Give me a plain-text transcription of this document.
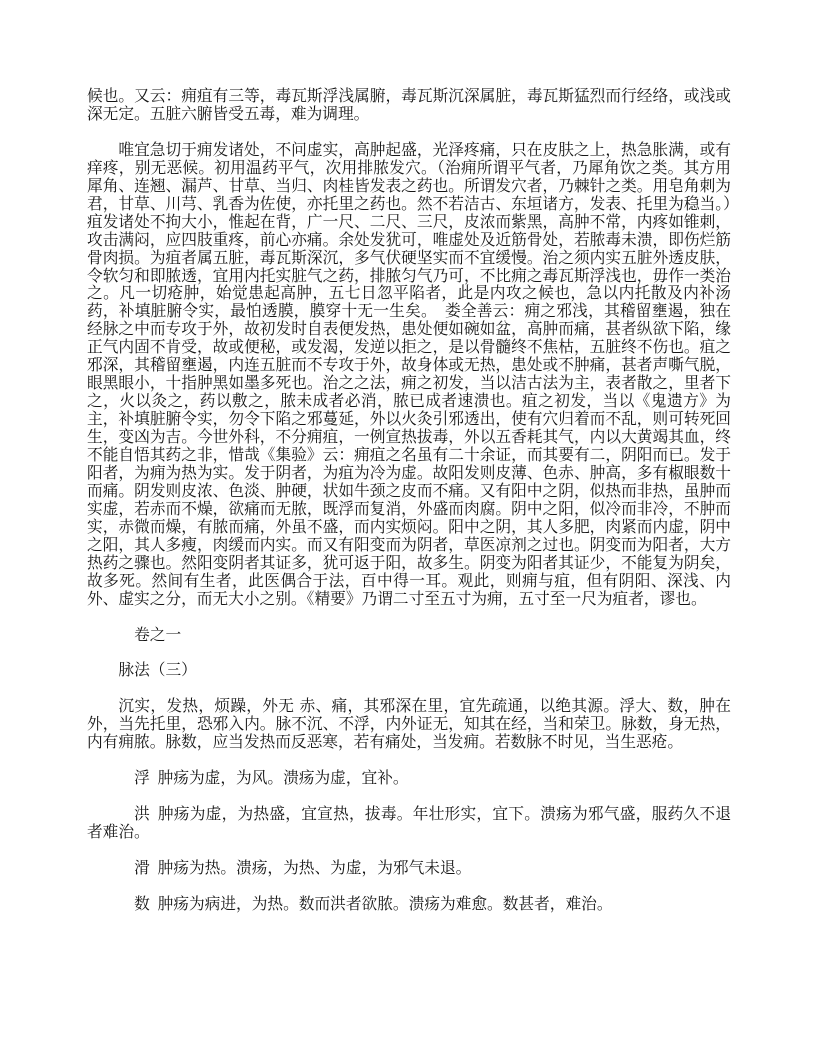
候也。又云：痈疽有三等，毒瓦斯浮浅属腑，毒瓦斯沉深属脏，毒瓦斯猛烈而行经络，或浅或深无定。五脏六腑皆受五毒，难为调理。

唯宜急切于痈发诸处，不问虚实，高肿起盛，光泽疼痛，只在皮肤之上，热急胀满，或有痒疼，别无恶候。初用温药平气，次用排脓发穴。（治痈所谓平气者，乃犀角饮之类。其方用犀角、连翘、漏芦、甘草、当归、肉桂皆发表之药也。所谓发穴者，乃棘针之类。用皂角刺为君，甘草、川芎、乳香为佐使，亦托里之药也。然不若洁古、东垣诸方，发表、托里为稳当。）疽发诸处不拘大小，惟起在背，广一尺、二尺、三尺，皮浓而紫黑，高肿不常，内疼如锥刺，攻击满闷，应四肢重疼，前心亦痛。余处发犹可，唯虚处及近筋骨处，若脓毒未溃，即伤烂筋骨肉损。为疽者属五脏，毒瓦斯深沉，多气伏硬坚实而不宜缓慢。治之须内实五脏外透皮肤，令软匀和即脓透，宜用内托实脏气之药，排脓匀气乃可，不比痈之毒瓦斯浮浅也，毋作一类治之。凡一切疮肿，始觉患起高肿，五七日忽平陷者，此是内攻之候也，急以内托散及内补汤药，补填脏腑令实，最怕透膜，膜穿十无一生矣。　娄全善云：痈之邪浅，其稽留壅遏，独在经脉之中而专攻于外，故初发时自表便发热，患处便如碗如盆，高肿而痛，甚者纵欲下陷，缘正气内固不肯受，故或便秘，或发渴，发逆以拒之，是以骨髓终不焦枯，五脏终不伤也。疽之邪深，其稽留壅遏，内连五脏而不专攻于外，故身体或无热，患处或不肿痛，甚者声嘶气脱，眼黑眼小，十指肿黑如墨多死也。治之之法，痈之初发，当以洁古法为主，表者散之，里者下之，火以灸之，药以敷之，脓未成者必消，脓已成者速溃也。疽之初发，当以《鬼遗方》为主，补填脏腑令实，勿令下陷之邪蔓延，外以火灸引邪透出，使有穴归着而不乱，则可转死回生，变凶为吉。今世外科，不分痈疽，一例宣热拔毒，外以五香耗其气，内以大黄竭其血，终不能自悟其药之非，惜哉《集验》云：痈疽之名虽有二十余证，而其要有二，阴阳而已。发于阳者，为痈为热为实。发于阴者，为疽为冷为虚。故阳发则皮薄、色赤、肿高，多有椒眼数十而痛。阴发则皮浓、色淡、肿硬，状如牛颈之皮而不痛。又有阳中之阴，似热而非热，虽肿而实虚，若赤而不燥，欲痛而无脓，既浮而复消，外盛而肉腐。阴中之阳，似冷而非冷，不肿而实，赤微而燥，有脓而痛，外虽不盛，而内实烦闷。阳中之阴，其人多肥，肉紧而内虚，阴中之阳，其人多瘦，肉缓而内实。而又有阳变而为阴者，草医凉剂之过也。阴变而为阳者，大方热药之骤也。然阳变阴者其证多，犹可返于阳，故多生。阴变为阳者其证少，不能复为阴矣，故多死。然间有生者，此医偶合于法，百中得一耳。观此，则痈与疽，但有阴阳、深浅、内外、虚实之分，而无大小之别。《精要》乃谓二寸至五寸为痈，五寸至一尺为疽者，谬也。

卷之一

脉法（三）

沉实，发热，烦躁，外无 赤、痛，其邪深在里，宜先疏通，以绝其源。浮大、数，肿在外，当先托里，恐邪入内。脉不沉、不浮，内外证无，知其在经，当和荣卫。脉数，身无热，内有痈脓。脉数，应当发热而反恶寒，若有痛处，当发痈。若数脉不时见，当生恶疮。

浮 肿疡为虚，为风。溃疡为虚，宜补。

洪 肿疡为虚，为热盛，宜宣热，拔毒。年壮形实，宜下。溃疡为邪气盛，服药久不退者难治。

滑 肿疡为热。溃疡，为热、为虚，为邪气未退。

数 肿疡为病进，为热。数而洪者欲脓。溃疡为难愈。数甚者，难治。
